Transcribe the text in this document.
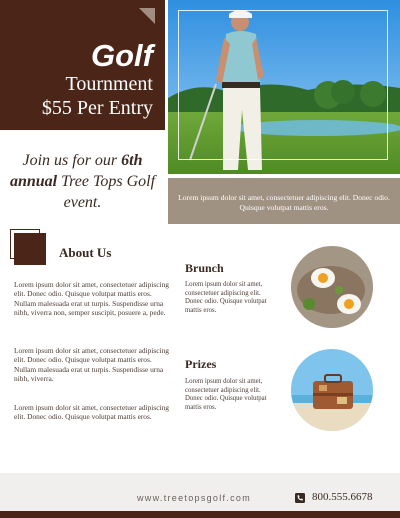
Golf
Tournment
$55 Per Entry
Join us for our 6th annual Tree Tops Golf event.	Lorem ipsum dolor sit amet, consectetuer adipiscing elit. Donec odio. Quisque volutpat mattis eros.
About Us
Lorem ipsum dolor sit amet, consectetuer adipiscing elit. Donec odio. Quisque volutpat mattis eros. Nullam malesuada erat ut turpis. Suspendisse urna nibh, viverra non, semper suscipit, posuere a, pede.
Lorem ipsum dolor sit amet, consectetuer adipiscing elit. Donec odio. Quisque volutpat mattis eros. Nullam malesuada erat ut turpis. Suspendisse urna nibh, viverra.
Lorem ipsum dolor sit amet, consectetuer adipiscing elit. Donec odio. Quisque volutpat mattis eros.
Brunch
Lorem ipsum dolor sit amet, consectetuer adipiscing elit. Donec odio. Quisque volutpat mattis eros.
Prizes
Lorem ipsum dolor sit amet, consectetuer adipiscing elit. Donec odio. Quisque volutpat mattis eros.
www.treetopsgolf.com	800.555.6678
